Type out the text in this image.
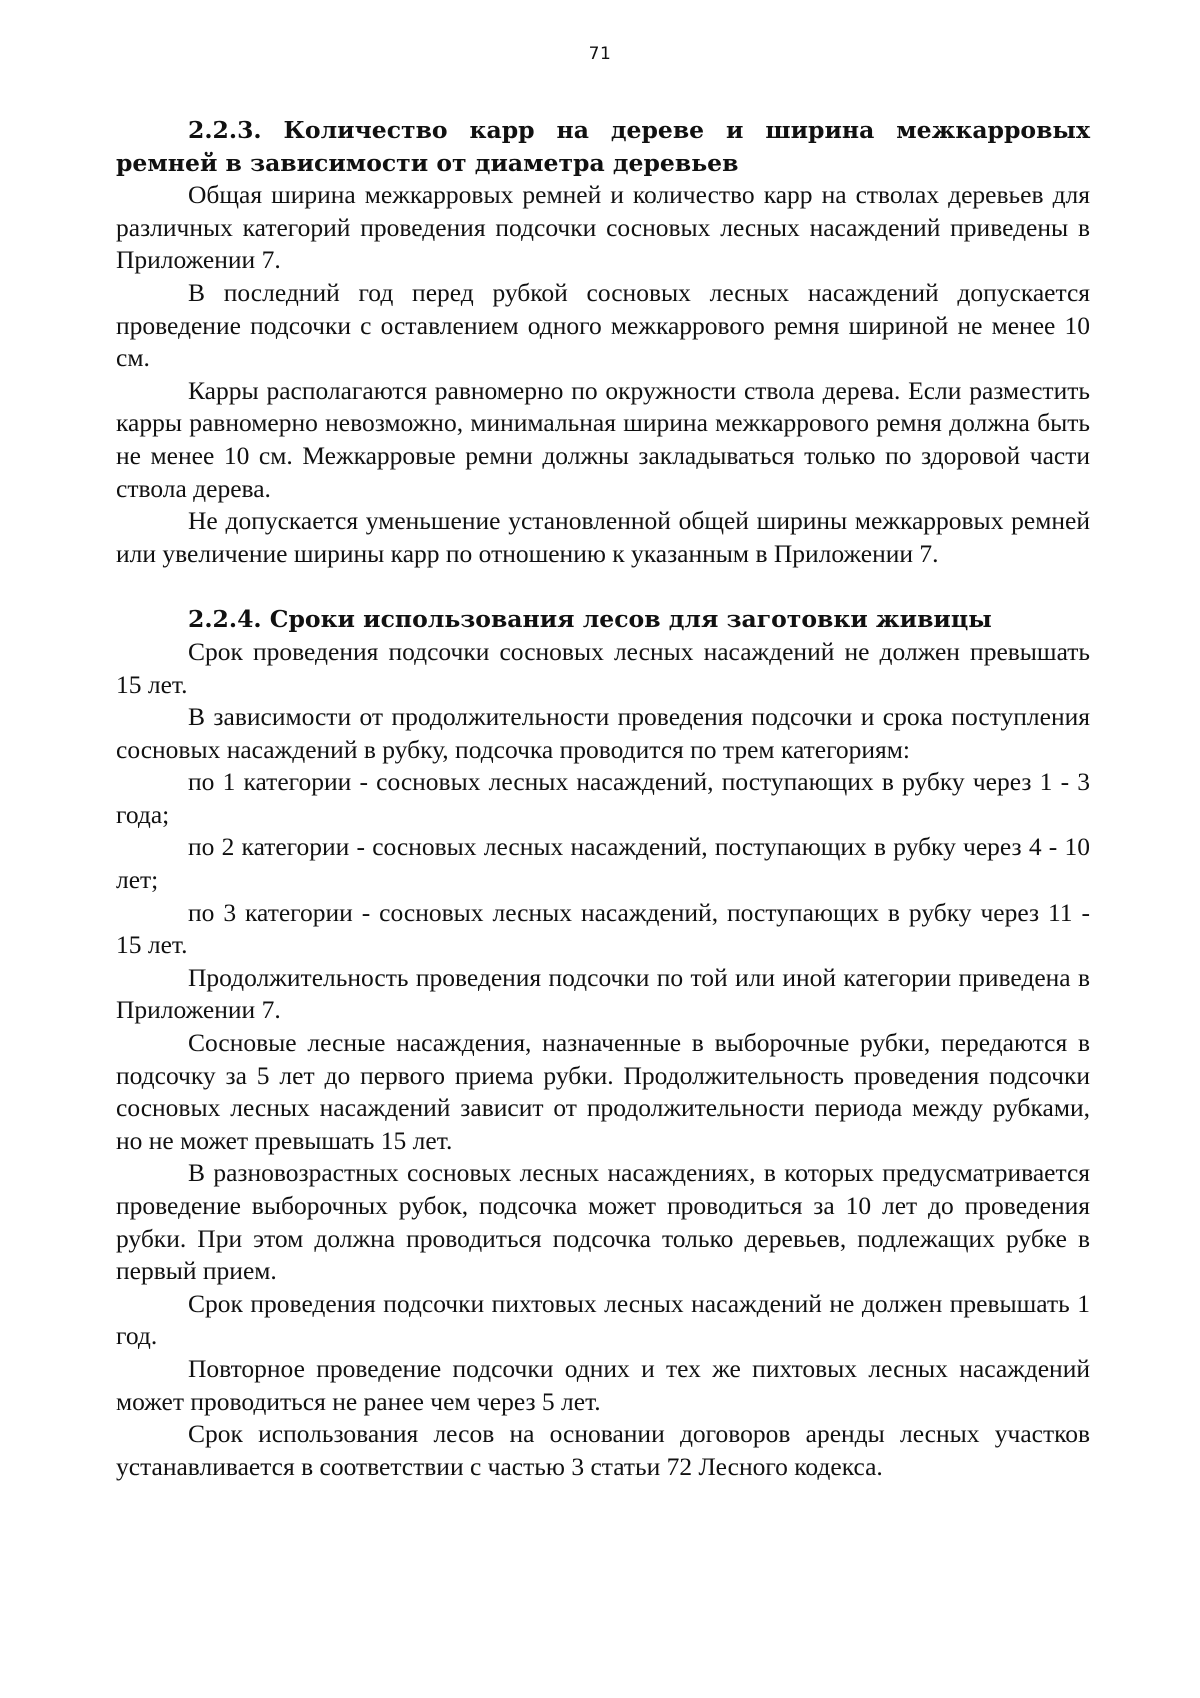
71
2.2.3. Количество карр на дереве и ширина межкарровых ремней в зависимости от диаметра деревьев

Общая ширина межкарровых ремней и количество карр на стволах деревьев для различных категорий проведения подсочки сосновых лесных насаждений приведены в Приложении 7.

В последний год перед рубкой сосновых лесных насаждений допускается проведение подсочки с оставлением одного межкаррового ремня шириной не менее 10 см.

Карры располагаются равномерно по окружности ствола дерева. Если разместить карры равномерно невозможно, минимальная ширина межкаррового ремня должна быть не менее 10 см. Межкарровые ремни должны закладываться только по здоровой части ствола дерева.

Не допускается уменьшение установленной общей ширины межкарровых ремней или увеличение ширины карр по отношению к указанным в Приложении 7.

2.2.4. Сроки использования лесов для заготовки живицы

Срок проведения подсочки сосновых лесных насаждений не должен превышать 15 лет.

В зависимости от продолжительности проведения подсочки и срока поступления сосновых насаждений в рубку, подсочка проводится по трем категориям:

по 1 категории - сосновых лесных насаждений, поступающих в рубку через 1 - 3 года;

по 2 категории - сосновых лесных насаждений, поступающих в рубку через 4 - 10 лет;

по 3 категории - сосновых лесных насаждений, поступающих в рубку через 11 - 15 лет.

Продолжительность проведения подсочки по той или иной категории приведена в Приложении 7.

Сосновые лесные насаждения, назначенные в выборочные рубки, передаются в подсочку за 5 лет до первого приема рубки. Продолжительность проведения подсочки сосновых лесных насаждений зависит от продолжительности периода между рубками, но не может превышать 15 лет.

В разновозрастных сосновых лесных насаждениях, в которых предусматривается проведение выборочных рубок, подсочка может проводиться за 10 лет до проведения рубки. При этом должна проводиться подсочка только деревьев, подлежащих рубке в первый прием.

Срок проведения подсочки пихтовых лесных насаждений не должен превышать 1 год.

Повторное проведение подсочки одних и тех же пихтовых лесных насаждений может проводиться не ранее чем через 5 лет.

Срок использования лесов на основании договоров аренды лесных участков устанавливается в соответствии с частью 3 статьи 72 Лесного кодекса.
